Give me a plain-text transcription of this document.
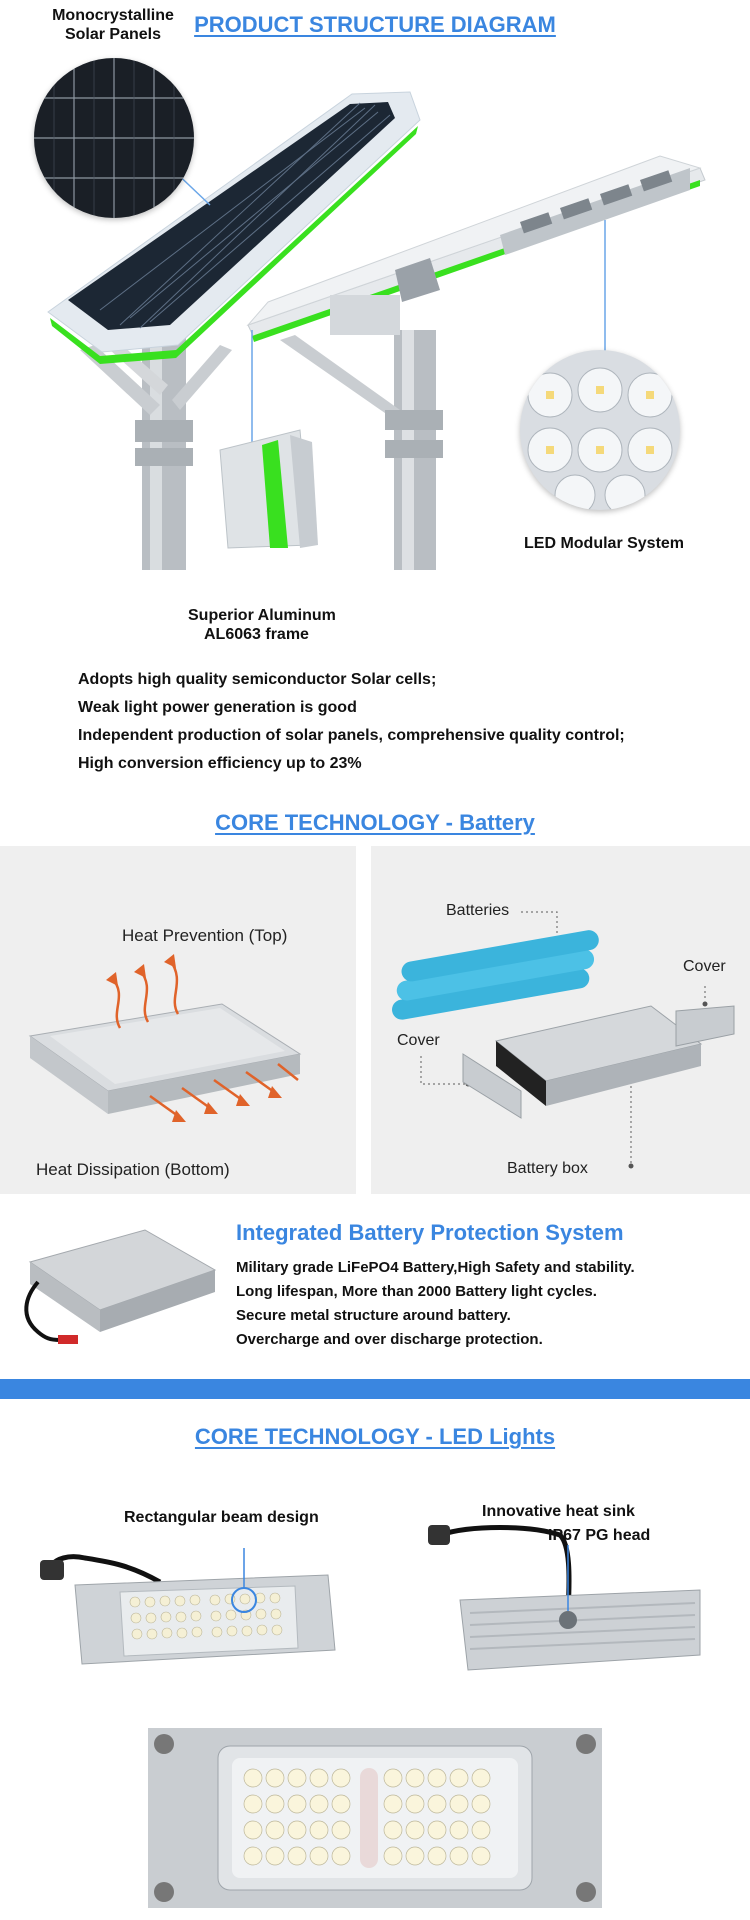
PRODUCT STRUCTURE DIAGRAM
Monocrystalline
Solar Panels
LED Modular System
Superior Aluminum
AL6063 frame
Adopts high quality semiconductor Solar cells;
Weak light power generation is good
Independent production of solar panels, comprehensive quality control;
High conversion efficiency up to 23%
CORE TECHNOLOGY - Battery
Heat Prevention (Top)
Heat Dissipation (Bottom)
Batteries
Cover
Cover
Battery box
Integrated Battery Protection System
Military grade LiFePO4 Battery,High Safety and stability.
Long lifespan, More than 2000 Battery light cycles.
Secure metal structure around battery.
Overcharge and over discharge protection.
CORE TECHNOLOGY - LED Lights
Rectangular beam design	Innovative heat sink
IP67 PG head
